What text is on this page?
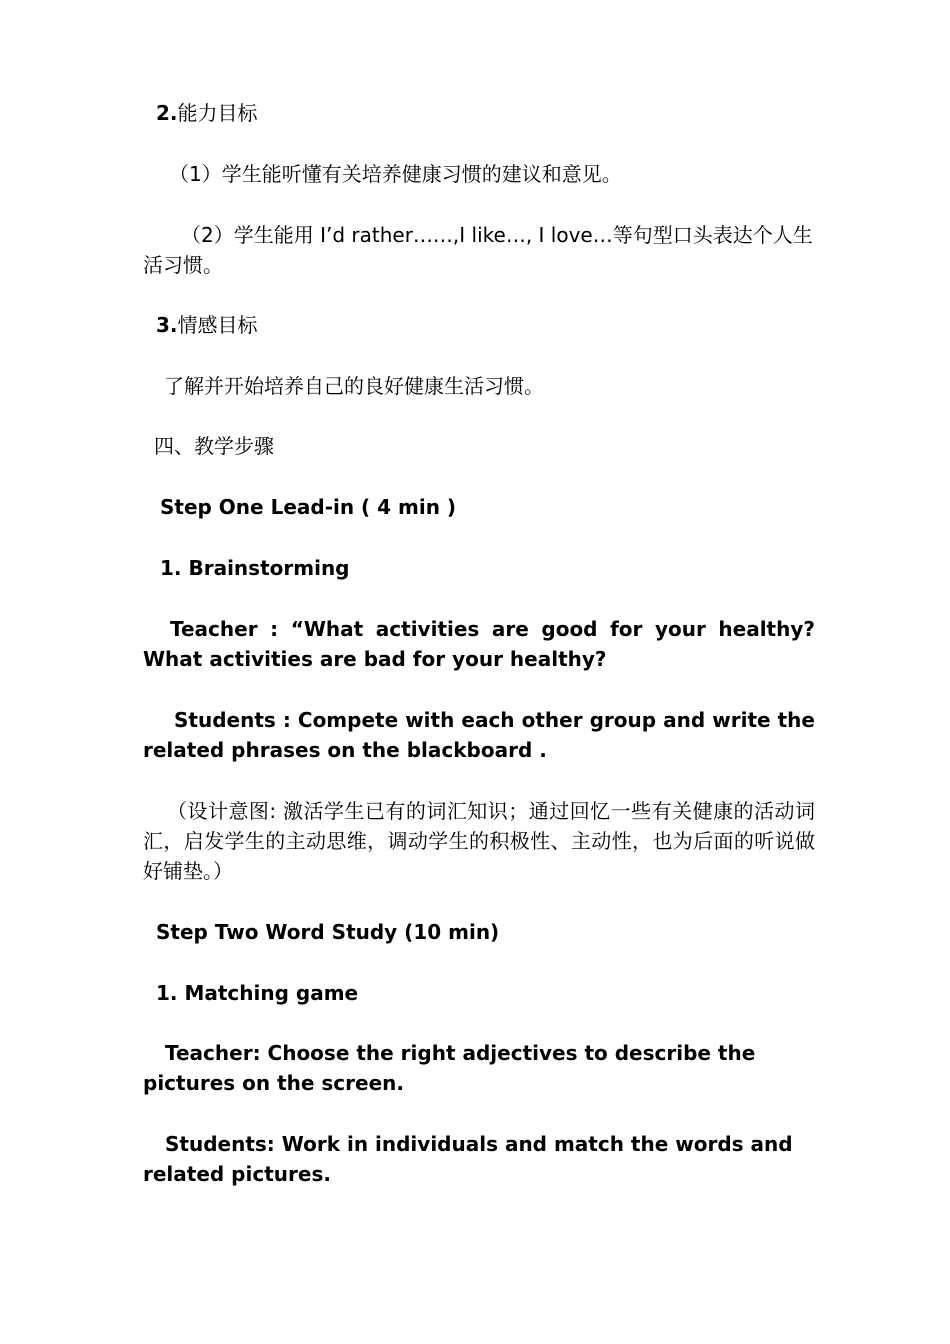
2.能力目标
（1）学生能听懂有关培养健康习惯的建议和意见。
（2）学生能用 I’d rather……,I like…, I love…等句型口头表达个人生活习惯。
3.情感目标
了解并开始培养自己的良好健康生活习惯。
四、教学步骤
Step One Lead-in ( 4 min )
1. Brainstorming
Teacher : “What activities are good for your healthy? What activities are bad for your healthy?
Students : Compete with each other group and write the related phrases on the blackboard .
（设计意图: 激活学生已有的词汇知识；通过回忆一些有关健康的活动词汇，启发学生的主动思维，调动学生的积极性、主动性，也为后面的听说做好铺垫。）
Step Two Word Study (10 min)
1. Matching game
Teacher: Choose the right adjectives to describe the pictures on the screen.
Students: Work in individuals and match the words and related pictures.
